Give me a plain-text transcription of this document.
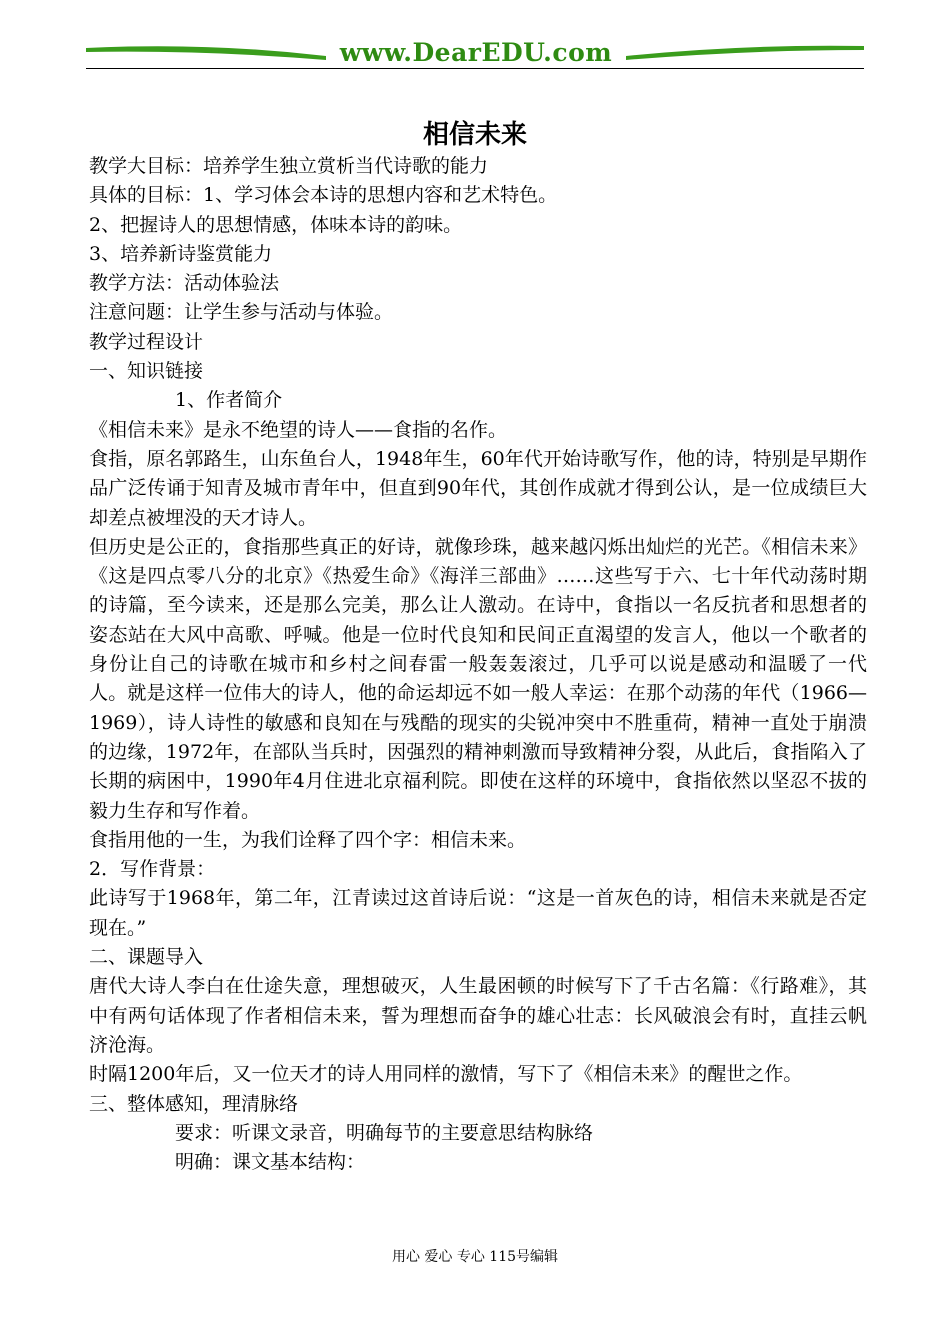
www.DearEDU.com
相信未来

教学大目标：培养学生独立赏析当代诗歌的能力

具体的目标：1、学习体会本诗的思想内容和艺术特色。

2、把握诗人的思想情感，体味本诗的韵味。

3、培养新诗鉴赏能力

教学方法：活动体验法

注意问题：让学生参与活动与体验。

教学过程设计

一、知识链接

1、作者简介

《相信未来》是永不绝望的诗人——食指的名作。

食指，原名郭路生，山东鱼台人，1948年生，60年代开始诗歌写作，他的诗，特别是早期作品广泛传诵于知青及城市青年中，但直到90年代，其创作成就才得到公认，是一位成绩巨大却差点被埋没的天才诗人。

但历史是公正的，食指那些真正的好诗，就像珍珠，越来越闪烁出灿烂的光芒。《相信未来》《这是四点零八分的北京》《热爱生命》《海洋三部曲》……这些写于六、七十年代动荡时期的诗篇，至今读来，还是那么完美，那么让人激动。在诗中，食指以一名反抗者和思想者的姿态站在大风中高歌、呼喊。他是一位时代良知和民间正直渴望的发言人，他以一个歌者的身份让自己的诗歌在城市和乡村之间春雷一般轰轰滚过，几乎可以说是感动和温暖了一代人。就是这样一位伟大的诗人，他的命运却远不如一般人幸运：在那个动荡的年代（1966—1969），诗人诗性的敏感和良知在与残酷的现实的尖锐冲突中不胜重荷，精神一直处于崩溃的边缘，1972年，在部队当兵时，因强烈的精神刺激而导致精神分裂，从此后，食指陷入了长期的病困中，1990年4月住进北京福利院。即使在这样的环境中，食指依然以坚忍不拔的毅力生存和写作着。

食指用他的一生，为我们诠释了四个字：相信未来。

2．写作背景：

此诗写于1968年，第二年，江青读过这首诗后说：“这是一首灰色的诗，相信未来就是否定现在。”

二、课题导入

唐代大诗人李白在仕途失意，理想破灭，人生最困顿的时候写下了千古名篇：《行路难》，其中有两句话体现了作者相信未来，誓为理想而奋争的雄心壮志：长风破浪会有时，直挂云帆济沧海。

时隔1200年后，又一位天才的诗人用同样的激情，写下了《相信未来》的醒世之作。

三、整体感知，理清脉络

要求：听课文录音，明确每节的主要意思结构脉络

明确：课文基本结构：

用心 爱心 专心 115号编辑
